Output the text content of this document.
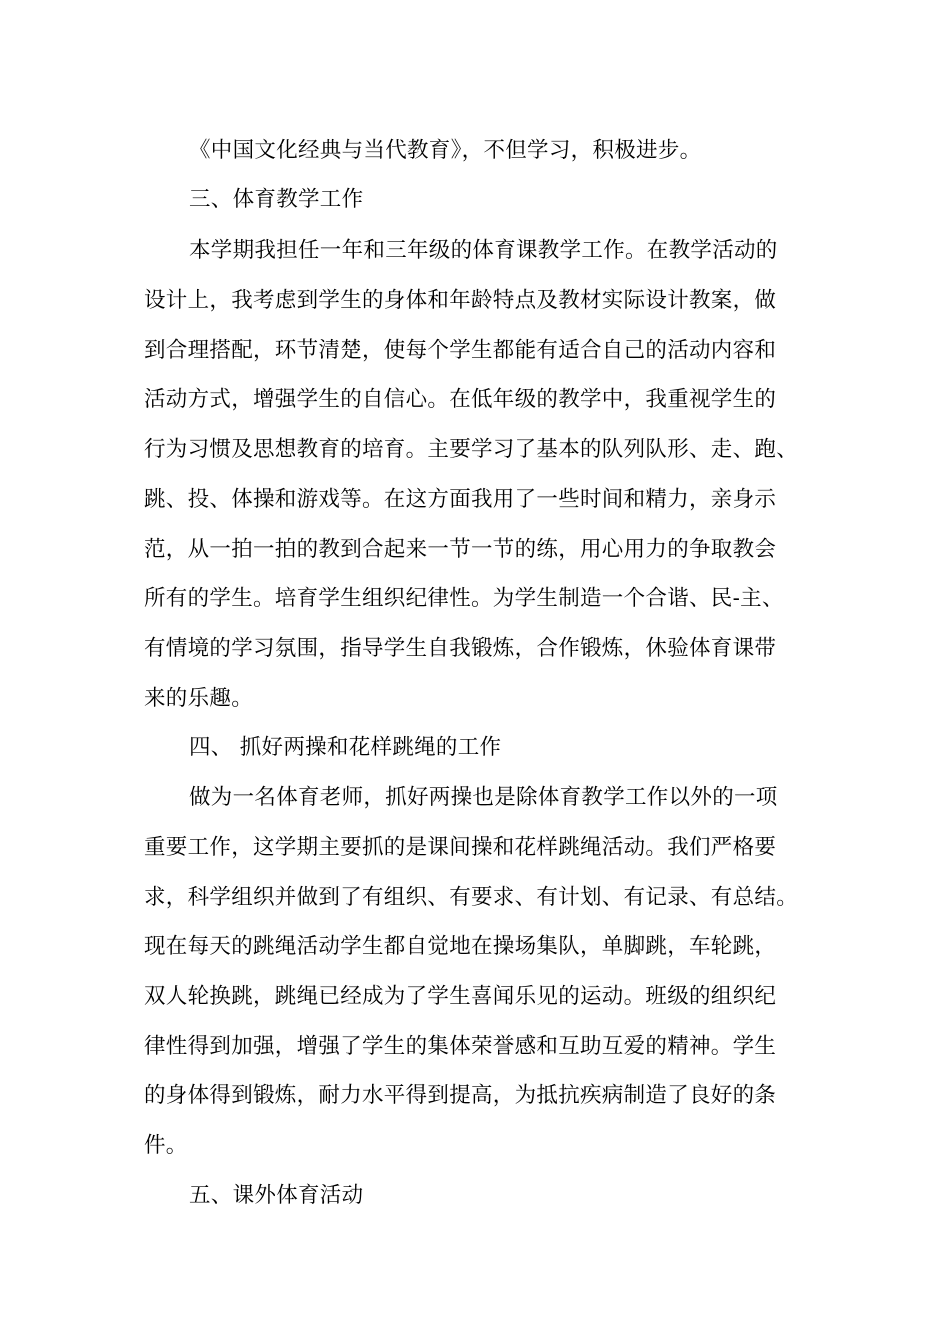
《中国文化经典与当代教育》，不但学习，积极进步。
三、体育教学工作
本学期我担任一年和三年级的体育课教学工作。在教学活动的
设计上，我考虑到学生的身体和年龄特点及教材实际设计教案，做
到合理搭配，环节清楚，使每个学生都能有适合自己的活动内容和
活动方式，增强学生的自信心。在低年级的教学中，我重视学生的
行为习惯及思想教育的培育。主要学习了基本的队列队形、走、跑、
跳、投、体操和游戏等。在这方面我用了一些时间和精力，亲身示
范，从一拍一拍的教到合起来一节一节的练，用心用力的争取教会
所有的学生。培育学生组织纪律性。为学生制造一个合谐、民-主、
有情境的学习氛围，指导学生自我锻炼，合作锻炼，休验体育课带
来的乐趣。
四、 抓好两操和花样跳绳的工作
做为一名体育老师，抓好两操也是除体育教学工作以外的一项
重要工作，这学期主要抓的是课间操和花样跳绳活动。我们严格要
求，科学组织并做到了有组织、有要求、有计划、有记录、有总结。
现在每天的跳绳活动学生都自觉地在操场集队，单脚跳，车轮跳，
双人轮换跳，跳绳已经成为了学生喜闻乐见的运动。班级的组织纪
律性得到加强，增强了学生的集体荣誉感和互助互爱的精神。学生
的身体得到锻炼，耐力水平得到提高，为抵抗疾病制造了良好的条
件。
五、课外体育活动
